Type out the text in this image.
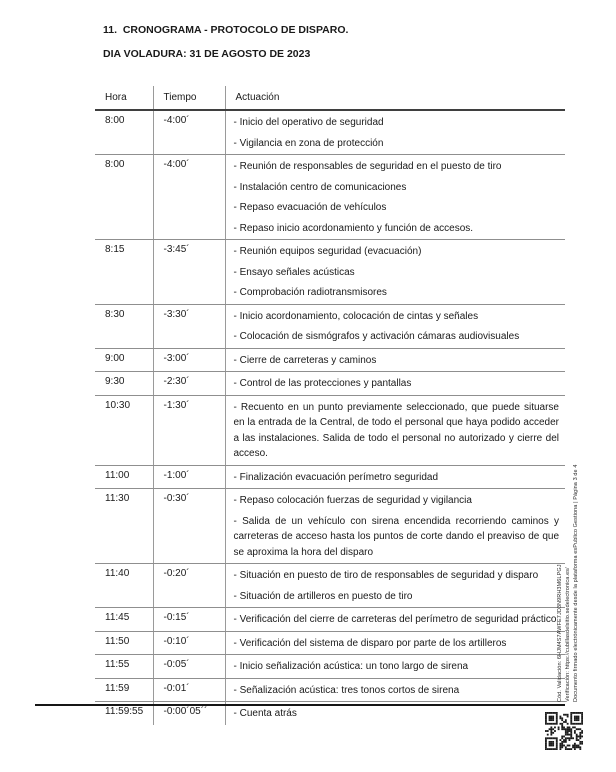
11.  CRONOGRAMA - PROTOCOLO DE DISPARO.
DIA VOLADURA: 31 DE AGOSTO DE 2023
Hora	Tiempo	Actuación
8:00	-4:00´	- Inicio del operativo de seguridad
- Vigilancia en zona de protección

8:00	-4:00´	- Reunión de responsables de seguridad en el puesto de tiro
- Instalación centro de comunicaciones
- Repaso evacuación de vehículos
- Repaso inicio acordonamiento y función de accesos.

8:15	-3:45´	- Reunión equipos seguridad (evacuación)
- Ensayo señales acústicas
- Comprobación radiotransmisores

8:30	-3:30´	- Inicio acordonamiento, colocación de cintas y señales
- Colocación de sismógrafos y activación cámaras audiovisuales

9:00	-3:00´	- Cierre de carreteras y caminos

9:30	-2:30´	- Control de las protecciones y pantallas

10:30	-1:30´	- Recuento en un punto previamente seleccionado, que puede situarse en la entrada de la Central, de todo el personal que haya podido acceder a las instalaciones. Salida de todo el personal no autorizado y cierre del acceso.

11:00	-1:00´	- Finalización evacuación perímetro seguridad

11:30	-0:30´	- Repaso colocación fuerzas de seguridad y vigilancia
- Salida de un vehículo con sirena encendida recorriendo caminos y carreteras de acceso hasta los puntos de corte dando el preaviso de que se aproxima la hora del disparo

11:40	-0:20´	- Situación en puesto de tiro de responsables de seguridad y disparo
- Situación de artilleros en puesto de tiro

11:45	-0:15´	- Verificación del cierre de carreteras del perímetro de seguridad práctico

11:50	-0:10´	- Verificación del sistema de disparo por parte de los artilleros

11:55	-0:05´	- Inicio señalización acústica: un tono largo de sirena

11:59	-0:01´	- Señalización acústica: tres tonos cortos de sirena

11:59:55	-0:00´05´´	- Cuenta atrás
Cód. Validación: 6HJM4S7AWFE7JD3N9RH3M6LPGJ Verificación: https://cubillasdelsitio.sedelectronica.es/ Documento firmado electrónicamente desde la plataforma esPublico Gestiona | Página 3 de 4
